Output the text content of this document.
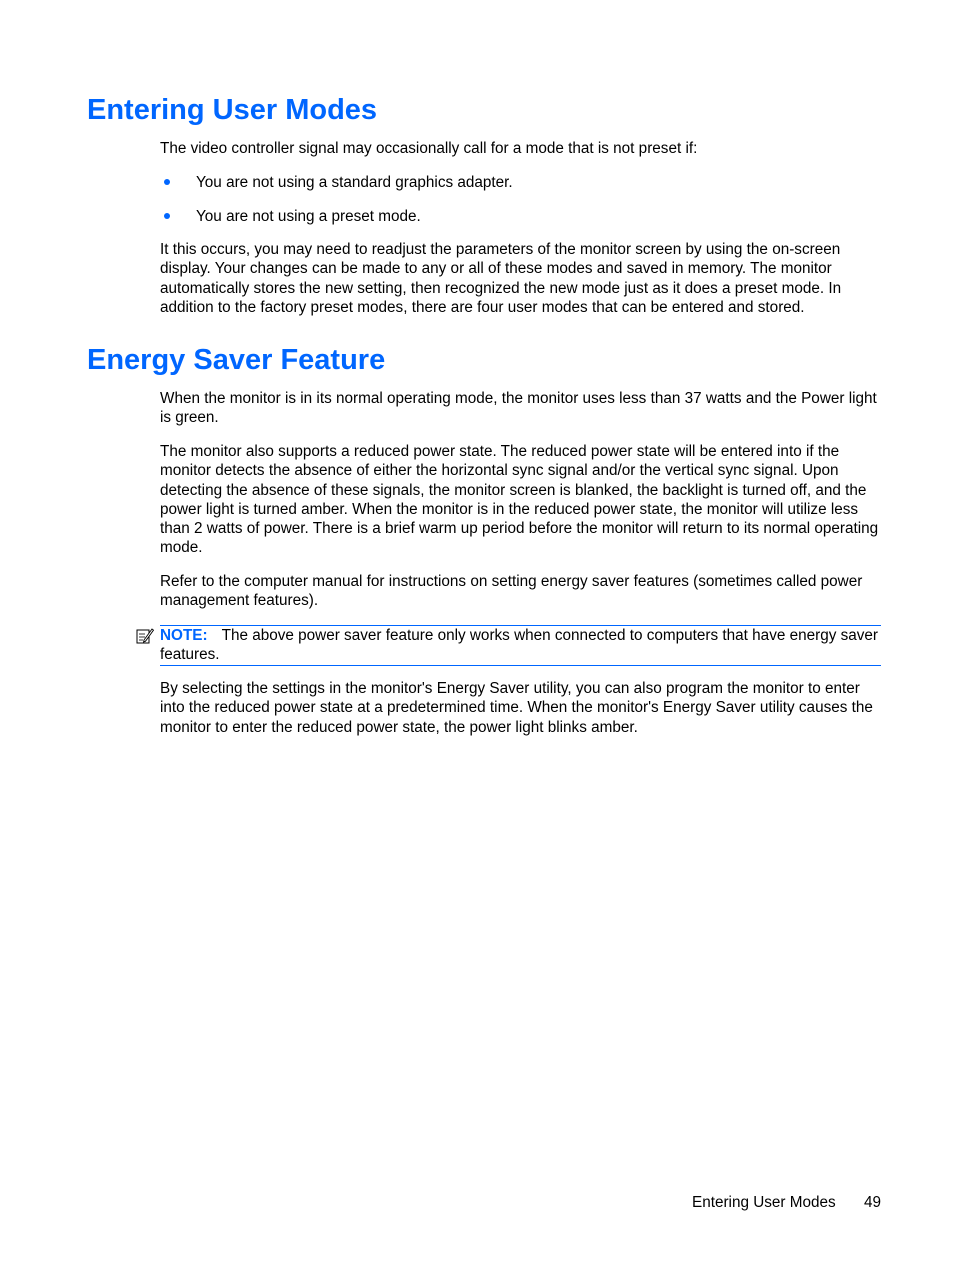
Entering User Modes

The video controller signal may occasionally call for a mode that is not preset if:

You are not using a standard graphics adapter.
You are not using a preset mode.

It this occurs, you may need to readjust the parameters of the monitor screen by using the on-screen display. Your changes can be made to any or all of these modes and saved in memory. The monitor automatically stores the new setting, then recognized the new mode just as it does a preset mode. In addition to the factory preset modes, there are four user modes that can be entered and stored.

Energy Saver Feature

When the monitor is in its normal operating mode, the monitor uses less than 37 watts and the Power light is green.

The monitor also supports a reduced power state. The reduced power state will be entered into if the monitor detects the absence of either the horizontal sync signal and/or the vertical sync signal. Upon detecting the absence of these signals, the monitor screen is blanked, the backlight is turned off, and the power light is turned amber. When the monitor is in the reduced power state, the monitor will utilize less than 2 watts of power. There is a brief warm up period before the monitor will return to its normal operating mode.

Refer to the computer manual for instructions on setting energy saver features (sometimes called power management features).

NOTE: The above power saver feature only works when connected to computers that have energy saver features.

By selecting the settings in the monitor's Energy Saver utility, you can also program the monitor to enter into the reduced power state at a predetermined time. When the monitor's Energy Saver utility causes the monitor to enter the reduced power state, the power light blinks amber.

Entering User Modes 49
